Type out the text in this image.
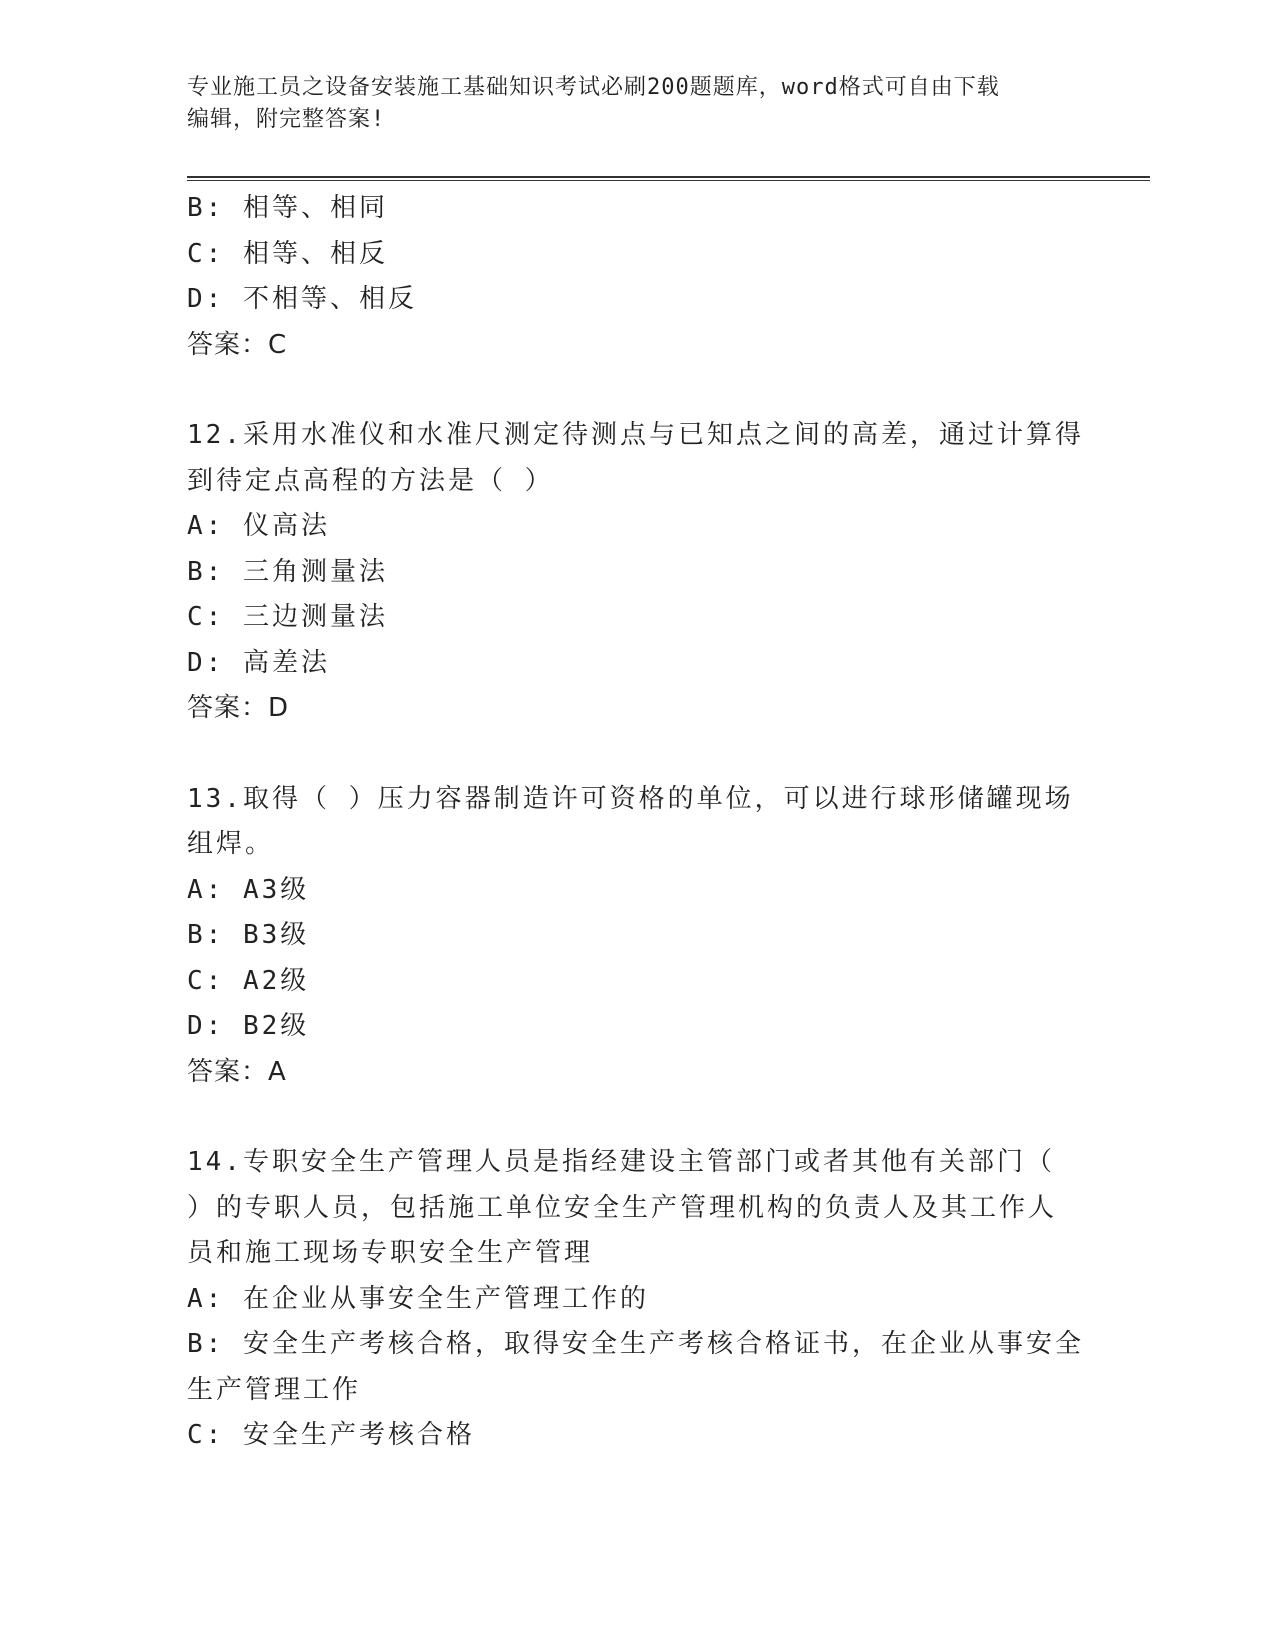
专业施工员之设备安装施工基础知识考试必刷200题题库，word格式可自由下载
编辑，附完整答案!
B: 相等、相同
C: 相等、相反
D: 不相等、相反
答案：C
12.采用水准仪和水准尺测定待测点与已知点之间的高差，通过计算得
到待定点高程的方法是（ ）
A: 仪高法
B: 三角测量法
C: 三边测量法
D: 高差法
答案：D
13.取得（ ）压力容器制造许可资格的单位，可以进行球形储罐现场
组焊。
A: A3级
B: B3级
C: A2级
D: B2级
答案：A
14.专职安全生产管理人员是指经建设主管部门或者其他有关部门（
）的专职人员，包括施工单位安全生产管理机构的负责人及其工作人
员和施工现场专职安全生产管理
A: 在企业从事安全生产管理工作的
B: 安全生产考核合格，取得安全生产考核合格证书，在企业从事安全
生产管理工作
C: 安全生产考核合格
